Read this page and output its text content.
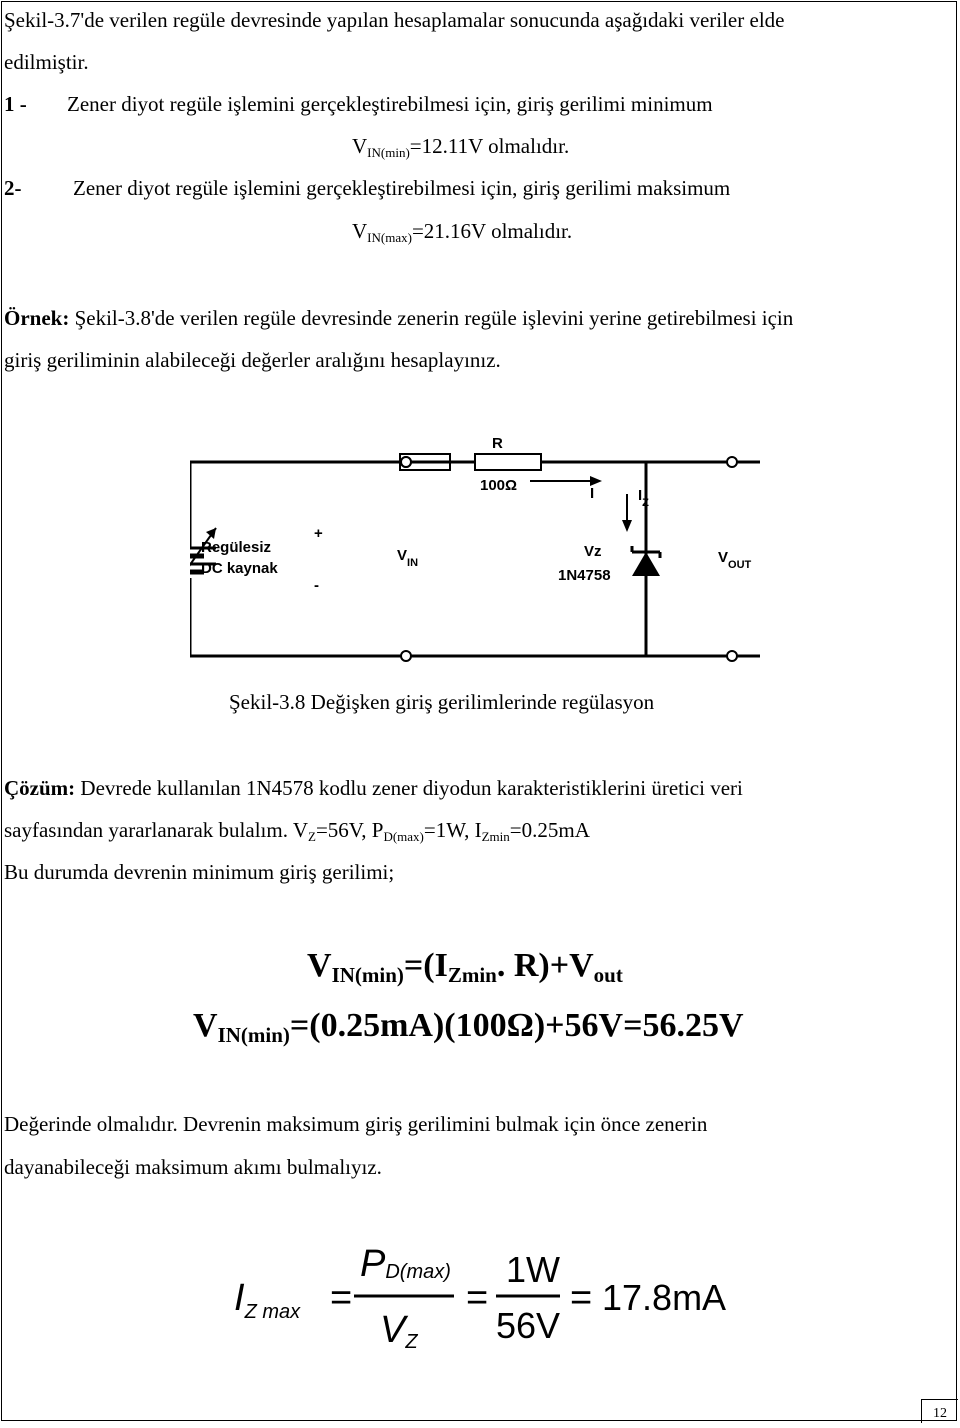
Şekil-3.7'de verilen regüle devresinde yapılan hesaplamalar sonucunda aşağıdaki veriler elde
edilmiştir.
1 - Zener diyot regüle işlemini gerçekleştirebilmesi için, giriş gerilimi minimum
$V_{IN(min)}=12.11V$ olmalıdır.
2- Zener diyot regüle işlemini gerçekleştirebilmesi için, giriş gerilimi maksimum
$V_{IN(max)}=21.16V$ olmalıdır.
Örnek: Şekil-3.8'de verilen regüle devresinde zenerin regüle işlevini yerine getirebilmesi için
giriş geriliminin alabileceği değerler aralığını hesaplayınız.
R
100Ω	I	$I_Z$
Regülesiz
DC kaynak
+
-
$V_{IN}$
Vz
1N4758
$V_{OUT}$
Şekil-3.8 Değişken giriş gerilimlerinde regülasyon
Çözüm: Devrede kullanılan 1N4578 kodlu zener diyodun karakteristiklerini üretici veri
sayfasından yararlanarak bulalım. $V_Z=56V$, $P_{D(max)}=1W$, $I_{Zmin}=0.25mA$
Bu durumda devrenin minimum giriş gerilimi;
$V_{IN(min)}=(I_{Zmin}$. $R)+V_{out}$
$V_{IN(min)}=(0.25mA)(100\Omega)+56V=56.25V$
Değerinde olmalıdır. Devrenin maksimum giriş gerilimini bulmak için önce zenerin
dayanabileceği maksimum akımı bulmalıyız.
$I_{Z max}$ =
PD(max)
VZ
=
1W
56V
= 17.8mA
12
